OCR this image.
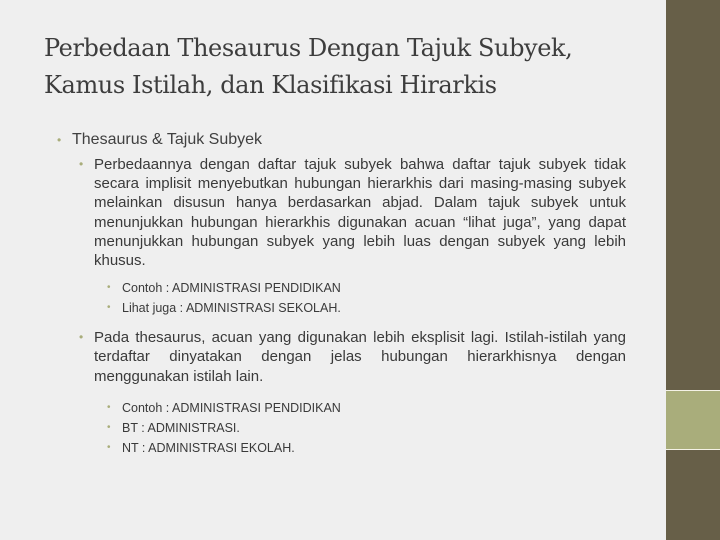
Perbedaan Thesaurus Dengan Tajuk Subyek, Kamus Istilah, dan Klasifikasi Hirarkis
• Thesaurus & Tajuk Subyek
• Perbedaannya dengan daftar tajuk subyek bahwa daftar tajuk subyek tidak secara implisit menyebutkan hubungan hierarkhis dari masing-masing subyek melainkan disusun hanya berdasarkan abjad. Dalam tajuk subyek untuk menunjukkan hubungan hierarkhis digunakan acuan “lihat juga”, yang dapat menunjukkan hubungan subyek yang lebih luas dengan subyek yang lebih khusus.
• Contoh : ADMINISTRASI PENDIDIKAN
• Lihat juga : ADMINISTRASI SEKOLAH.
• Pada thesaurus, acuan yang digunakan lebih eksplisit lagi. Istilah-istilah yang terdaftar dinyatakan dengan jelas hubungan hierarkhisnya dengan menggunakan istilah lain.
• Contoh : ADMINISTRASI PENDIDIKAN
• BT : ADMINISTRASI.
• NT : ADMINISTRASI EKOLAH.
